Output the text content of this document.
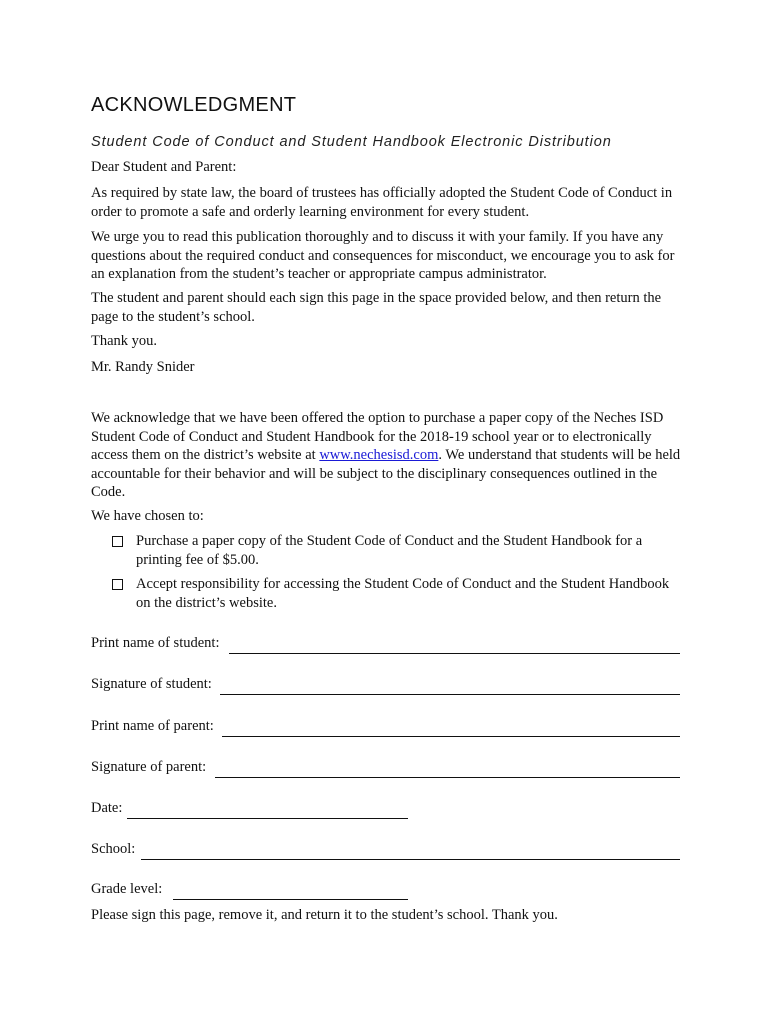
ACKNOWLEDGMENT
Student Code of Conduct and Student Handbook Electronic Distribution

Dear Student and Parent:

As required by state law, the board of trustees has officially adopted the Student Code of Conduct in order to promote a safe and orderly learning environment for every student.

We urge you to read this publication thoroughly and to discuss it with your family. If you have any questions about the required conduct and consequences for misconduct, we encourage you to ask for an explanation from the student’s teacher or appropriate campus administrator.

The student and parent should each sign this page in the space provided below, and then return the page to the student’s school.

Thank you.

Mr. Randy Snider

We acknowledge that we have been offered the option to purchase a paper copy of the Neches ISD Student Code of Conduct and Student Handbook for the 2018-19 school year or to electronically access them on the district’s website at www.nechesisd.com. We understand that students will be held accountable for their behavior and will be subject to the disciplinary consequences outlined in the Code.

We have chosen to:

Purchase a paper copy of the Student Code of Conduct and the Student Handbook for a printing fee of $5.00.
Accept responsibility for accessing the Student Code of Conduct and the Student Handbook on the district’s website.
Print name of student:
Signature of student:
Print name of parent:
Signature of parent:
Date:
School:
Grade level:

Please sign this page, remove it, and return it to the student’s school. Thank you.
